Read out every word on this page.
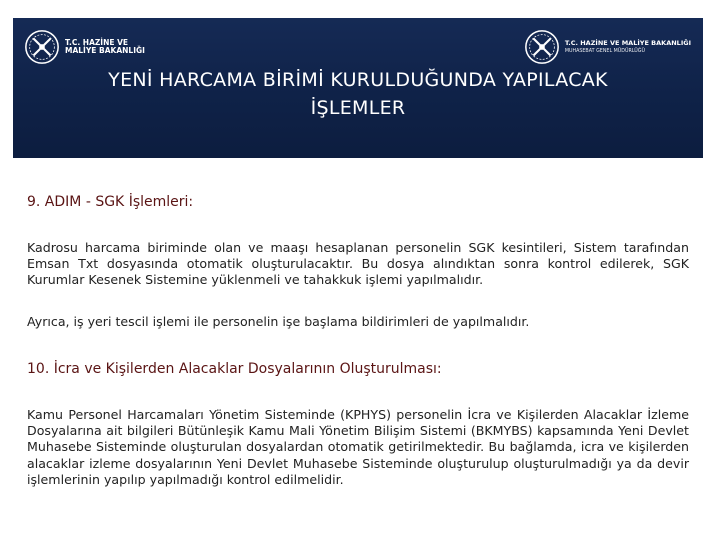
T.C. HAZİNE VE
MALİYE BAKANLIĞI
T.C. HAZİNE VE MALİYE BAKANLIĞI
MUHASEBAT GENEL MÜDÜRLÜĞÜ
YENİ HARCAMA BİRİMİ KURULDUĞUNDA YAPILACAK
İŞLEMLER
9. ADIM - SGK İşlemleri:

Kadrosu harcama biriminde olan ve maaşı hesaplanan personelin SGK kesintileri, Sistem tarafından Emsan Txt dosyasında otomatik oluşturulacaktır. Bu dosya alındıktan sonra kontrol edilerek, SGK Kurumlar Kesenek Sistemine yüklenmeli ve tahakkuk işlemi yapılmalıdır.

Ayrıca, iş yeri tescil işlemi ile personelin işe başlama bildirimleri de yapılmalıdır.

10. İcra ve Kişilerden Alacaklar Dosyalarının Oluşturulması:

Kamu Personel Harcamaları Yönetim Sisteminde (KPHYS) personelin İcra ve Kişilerden Alacaklar İzleme Dosyalarına ait bilgileri Bütünleşik Kamu Mali Yönetim Bilişim Sistemi (BKMYBS) kapsamında Yeni Devlet Muhasebe Sisteminde oluşturulan dosyalardan otomatik getirilmektedir. Bu bağlamda, icra ve kişilerden alacaklar izleme dosyalarının Yeni Devlet Muhasebe Sisteminde oluşturulup oluşturulmadığı ya da devir işlemlerinin yapılıp yapılmadığı kontrol edilmelidir.
